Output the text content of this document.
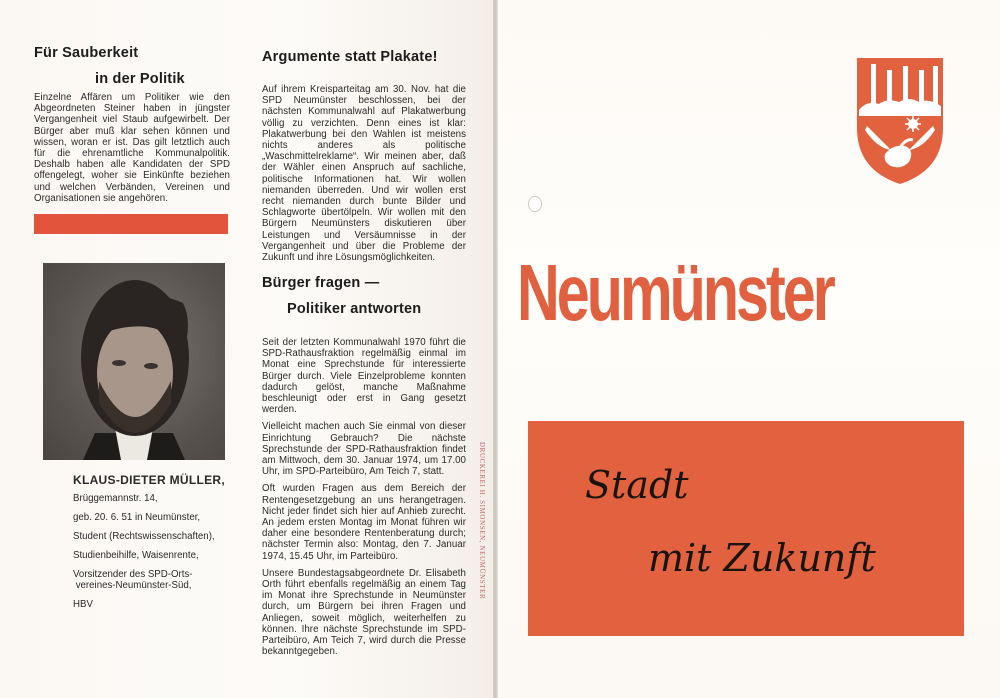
Für Sauberkeit
in der Politik
Einzelne Affären um Politiker wie den Abgeordneten Steiner haben in jüngster Vergangenheit viel Staub aufgewirbelt. Der Bürger aber muß klar sehen können und wissen, woran er ist. Das gilt letztlich auch für die ehrenamtliche Kommunalpolitik. Deshalb haben alle Kandidaten der SPD offengelegt, woher sie Einkünfte beziehen und welchen Verbänden, Vereinen und Organisationen sie angehören.
KLAUS-DIETER MÜLLER,
Brüggemannstr. 14,
geb. 20. 6. 51 in Neumünster,
Student (Rechtswissenschaften),
Studienbeihilfe, Waisenrente,
Vorsitzender des SPD-Orts- vereines-Neumünster-Süd,
HBV
Argumente statt Plakate!
Auf ihrem Kreisparteitag am 30. Nov. hat die SPD Neumünster beschlossen, bei der nächsten Kommunalwahl auf Plakatwerbung völlig zu verzichten. Denn eines ist klar: Plakatwerbung bei den Wahlen ist meistens nichts anderes als politische „Waschmittelreklame“. Wir meinen aber, daß der Wähler einen Anspruch auf sachliche, politische Informationen hat. Wir wollen niemanden überreden. Und wir wollen erst recht niemanden durch bunte Bilder und Schlagworte übertölpeln. Wir wollen mit den Bürgern Neumünsters diskutieren über Leistungen und Versäumnisse in der Vergangenheit und über die Probleme der Zukunft und ihre Lösungsmöglichkeiten.
Bürger fragen —
Politiker antworten

Seit der letzten Kommunalwahl 1970 führt die SPD-Rathausfraktion regelmäßig einmal im Monat eine Sprechstunde für interessierte Bürger durch. Viele Einzelprobleme konnten dadurch gelöst, manche Maßnahme beschleunigt oder erst in Gang gesetzt werden.

Vielleicht machen auch Sie einmal von dieser Einrichtung Gebrauch? Die nächste Sprechstunde der SPD-Rathausfraktion findet am Mittwoch, dem 30. Januar 1974, um 17.00 Uhr, im SPD-Parteibüro, Am Teich 7, statt.

Oft wurden Fragen aus dem Bereich der Rentengesetzgebung an uns herangetragen. Nicht jeder findet sich hier auf Anhieb zurecht. An jedem ersten Montag im Monat führen wir daher eine besondere Rentenberatung durch; nächster Termin also: Montag, den 7. Januar 1974, 15.45 Uhr, im Parteibüro.

Unsere Bundestagsabgeordnete Dr. Elisabeth Orth führt ebenfalls regelmäßig an einem Tag im Monat ihre Sprechstunde in Neumünster durch, um Bürgern bei ihren Fragen und Anliegen, soweit möglich, weiterhelfen zu können. Ihre nächste Sprechstunde im SPD-Parteibüro, Am Teich 7, wird durch die Presse bekanntgegeben.

DRUCKEREI H. SIMONSEN, NEUMÜNSTER
Neumünster
Stadt
mit Zukunft
